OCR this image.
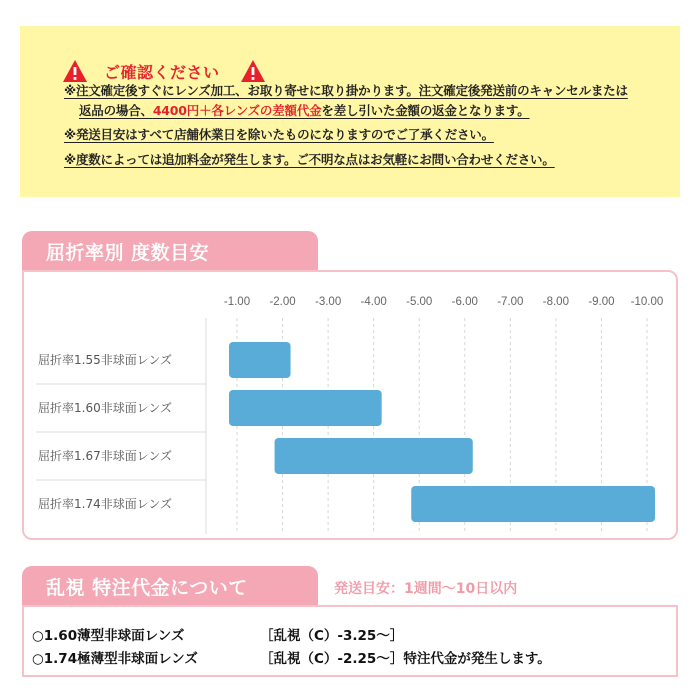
ご確認ください
※注文確定後すぐにレンズ加工、お取り寄せに取り掛かります。注文確定後発送前のキャンセルまたは
返品の場合、4400円＋各レンズの差額代金を差し引いた金額の返金となります。
※発送目安はすべて店舗休業日を除いたものになりますのでご了承ください。
※度数によっては追加料金が発生します。ご不明な点はお気軽にお問い合わせください。
屈折率別 度数目安
-1.00 -2.00 -3.00 -4.00 -5.00 -6.00 -7.00 -8.00 -9.00 -10.00
屈折率1.55非球面レンズ
屈折率1.60非球面レンズ
屈折率1.67非球面レンズ
屈折率1.74非球面レンズ
乱視 特注代金について	発送目安：1週間〜10日以内
○1.60薄型非球面レンズ	［乱視（C）-3.25〜］
○1.74極薄型非球面レンズ	［乱視（C）-2.25〜］特注代金が発生します。
